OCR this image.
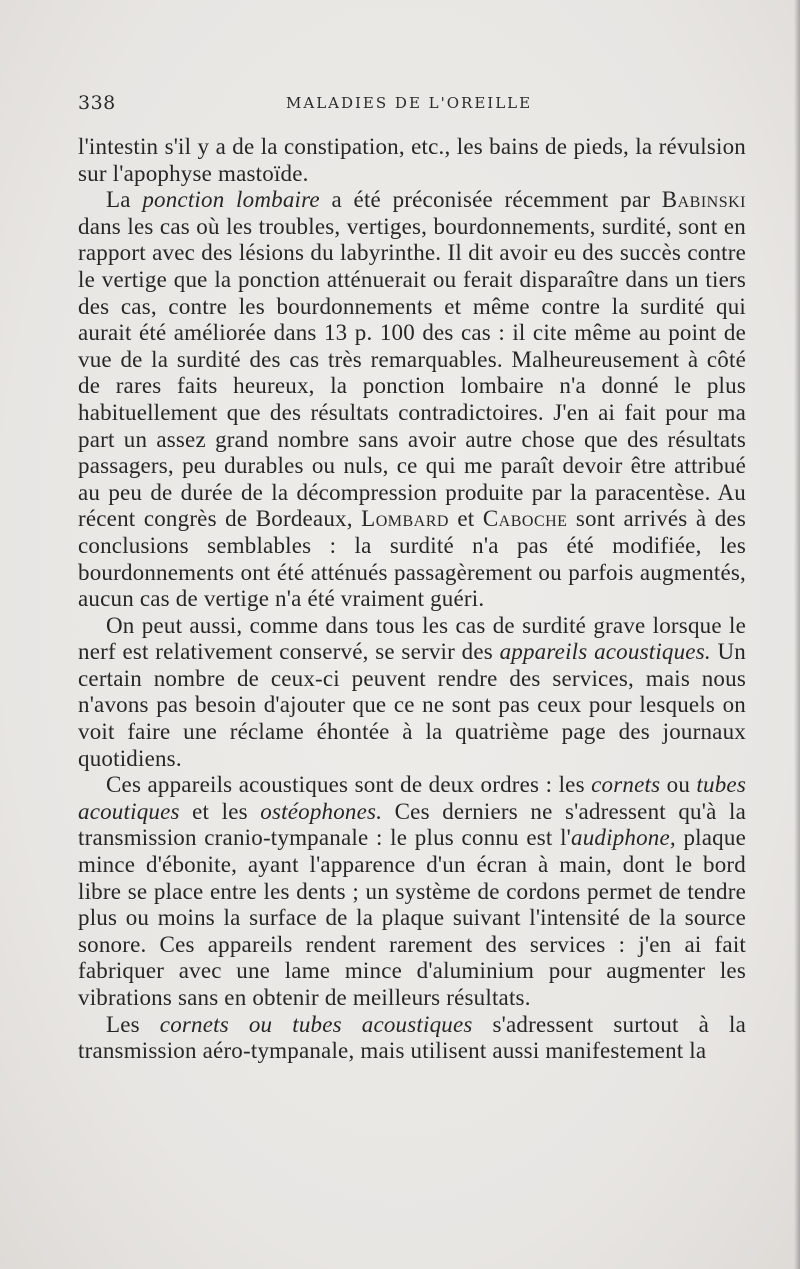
338	MALADIES DE L'OREILLE

l'intestin s'il y a de la constipation, etc., les bains de pieds, la révulsion sur l'apophyse mastoïde.

La ponction lombaire a été préconisée récemment par Babinski dans les cas où les troubles, vertiges, bourdonnements, surdité, sont en rapport avec des lésions du labyrinthe. Il dit avoir eu des succès contre le vertige que la ponction atténuerait ou ferait disparaître dans un tiers des cas, contre les bourdonnements et même contre la surdité qui aurait été améliorée dans 13 p. 100 des cas : il cite même au point de vue de la surdité des cas très remarquables. Malheureusement à côté de rares faits heureux, la ponction lombaire n'a donné le plus habituellement que des résultats contradictoires. J'en ai fait pour ma part un assez grand nombre sans avoir autre chose que des résultats passagers, peu durables ou nuls, ce qui me paraît devoir être attribué au peu de durée de la décompression produite par la paracentèse. Au récent congrès de Bordeaux, Lombard et Caboche sont arrivés à des conclusions semblables : la surdité n'a pas été modifiée, les bourdonnements ont été atténués passagèrement ou parfois augmentés, aucun cas de vertige n'a été vraiment guéri.

On peut aussi, comme dans tous les cas de surdité grave lorsque le nerf est relativement conservé, se servir des appareils acoustiques. Un certain nombre de ceux-ci peuvent rendre des services, mais nous n'avons pas besoin d'ajouter que ce ne sont pas ceux pour lesquels on voit faire une réclame éhontée à la quatrième page des journaux quotidiens.

Ces appareils acoustiques sont de deux ordres : les cornets ou tubes acoutiques et les ostéophones. Ces derniers ne s'adressent qu'à la transmission cranio-tympanale : le plus connu est l'audiphone, plaque mince d'ébonite, ayant l'apparence d'un écran à main, dont le bord libre se place entre les dents ; un système de cordons permet de tendre plus ou moins la surface de la plaque suivant l'intensité de la source sonore. Ces appareils rendent rarement des services : j'en ai fait fabriquer avec une lame mince d'aluminium pour augmenter les vibrations sans en obtenir de meilleurs résultats.

Les cornets ou tubes acoustiques s'adressent surtout à la transmission aéro-tympanale, mais utilisent aussi manifestement la
